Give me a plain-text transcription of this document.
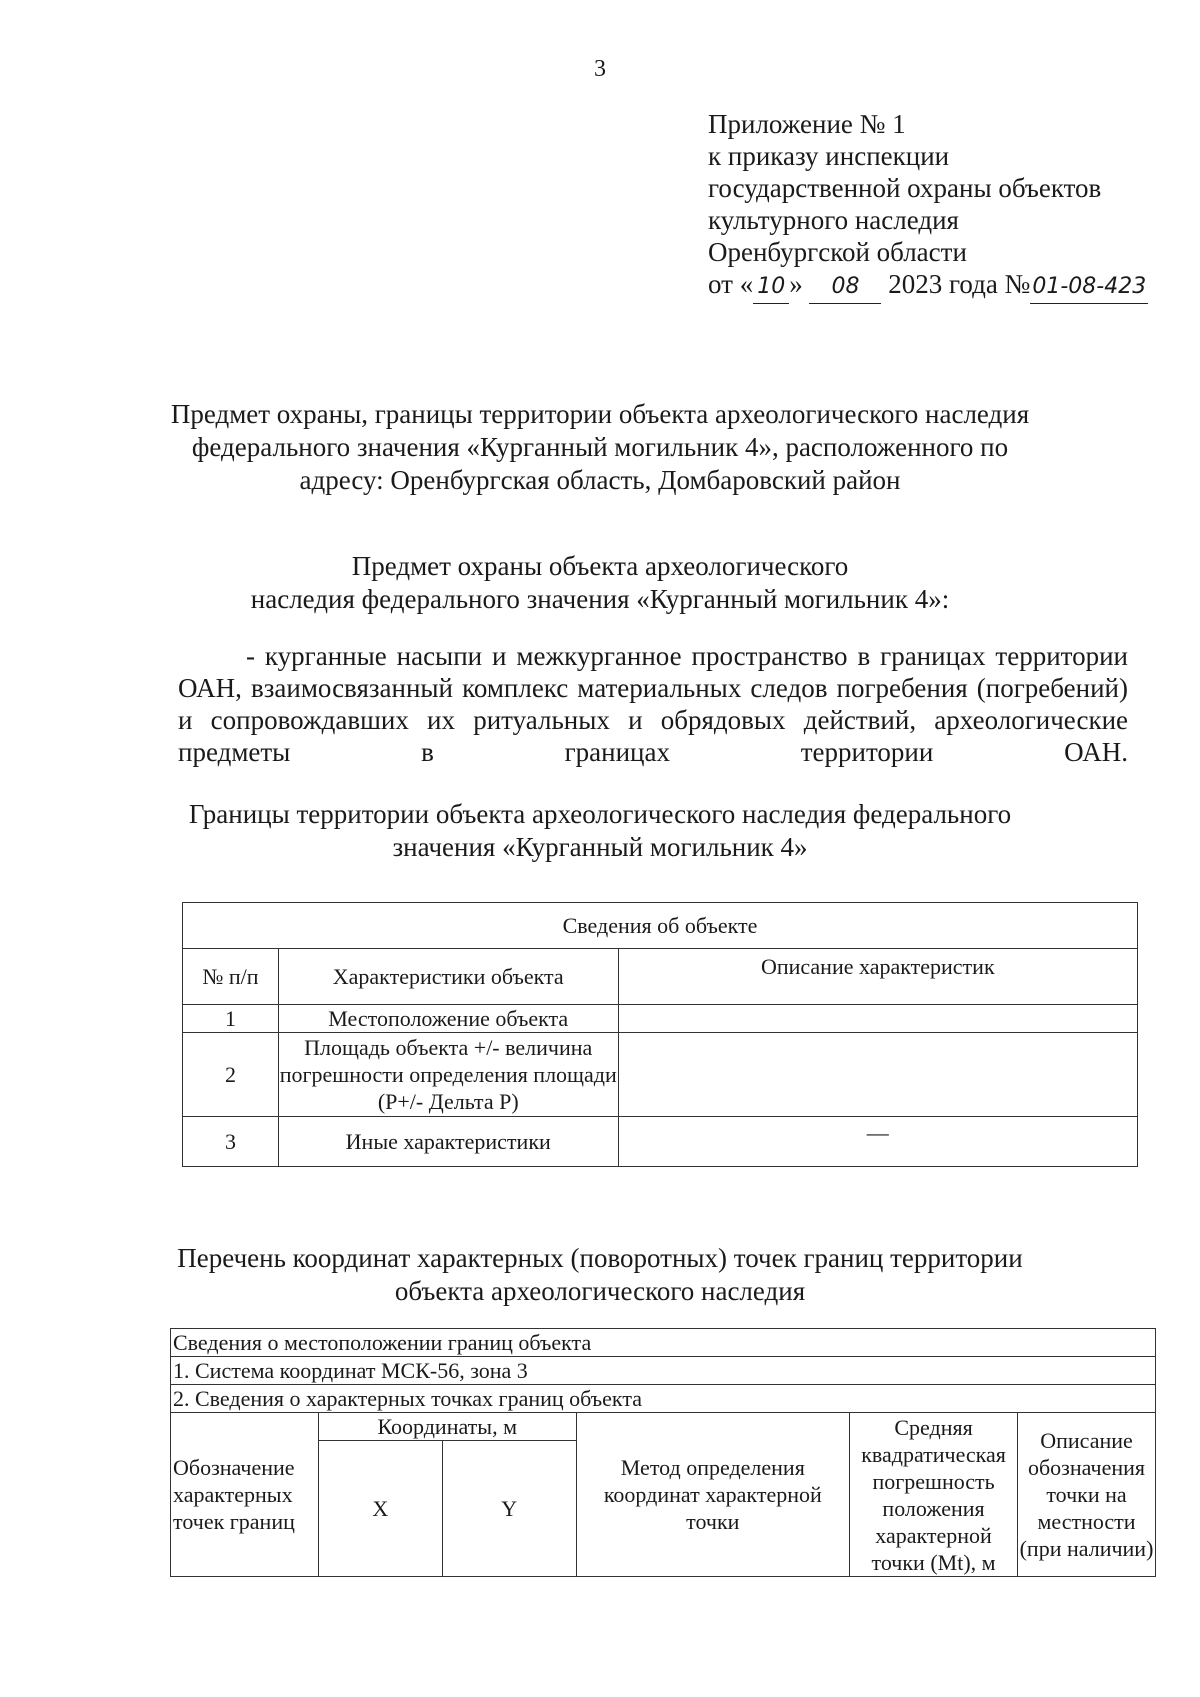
3
Приложение № 1
к приказу инспекции
государственной охраны объектов
культурного наследия
Оренбургской области
от « 10 » 08 2023 года №01-08-423
Предмет охраны, границы территории объекта археологического наследия
федерального значения «Курганный могильник 4», расположенного по
адресу: Оренбургская область, Домбаровский район
Предмет охраны объекта археологического
наследия федерального значения «Курганный могильник 4»:
- курганные насыпи и межкурганное пространство в границах территории ОАН, взаимосвязанный комплекс материальных следов погребения (погребений) и сопровождавших их ритуальных и обрядовых действий, археологические предметы в границах территории ОАН.
Границы территории объекта археологического наследия федерального
значения «Курганный могильник 4»
Сведения об объекте		
№ п/п	Характеристики объекта	Описание характеристик
1	Местоположение объекта	
2	Площадь объекта +/- величина погрешности определения площади (P+/- Дельта P)	
3	Иные характеристики	—
Перечень координат характерных (поворотных) точек границ территории
объекта археологического наследия
Сведения о местоположении границ объекта					
1. Система координат МСК-56, зона 3					
2. Сведения о характерных точках границ объекта					
Обозначение характерных точек границ	Координаты, м		Метод определения координат характерной точки	Средняя квадратическая погрешность положения характерной точки (Mt), м	Описание обозначения точки на местности (при наличии)
	X	Y			
